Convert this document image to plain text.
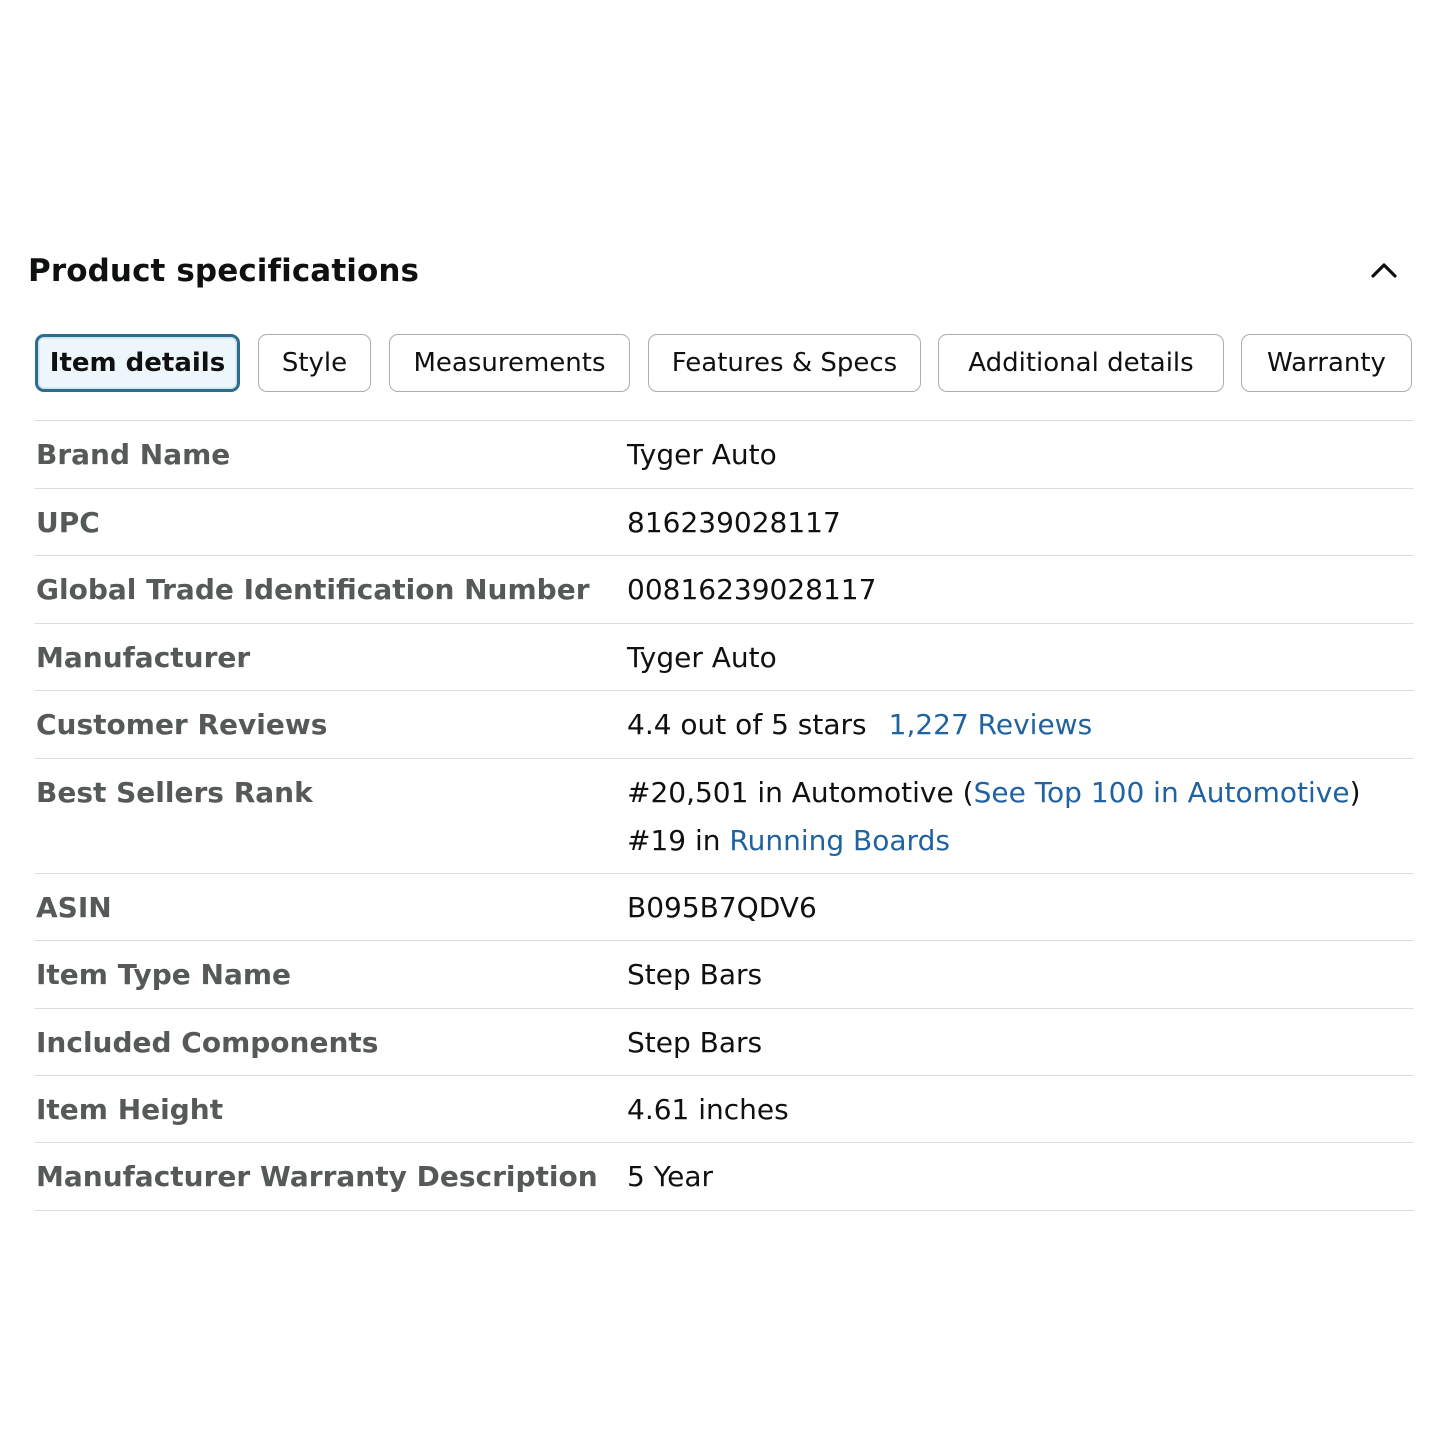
Product specifications
Item details	Style	Measurements	Features & Specs	Additional details	Warranty
Brand Name	Tyger Auto
UPC	816239028117
Global Trade Identification Number 00816239028117
Manufacturer	Tyger Auto
Customer Reviews	4.4 out of 5 stars 1,227 Reviews
Best Sellers Rank	#20,501 in Automotive (See Top 100 in Automotive)
#19 in Running Boards
ASIN	B095B7QDV6
Item Type Name	Step Bars
Included Components	Step Bars
Item Height	4.61 inches
Manufacturer Warranty Description 5 Year
